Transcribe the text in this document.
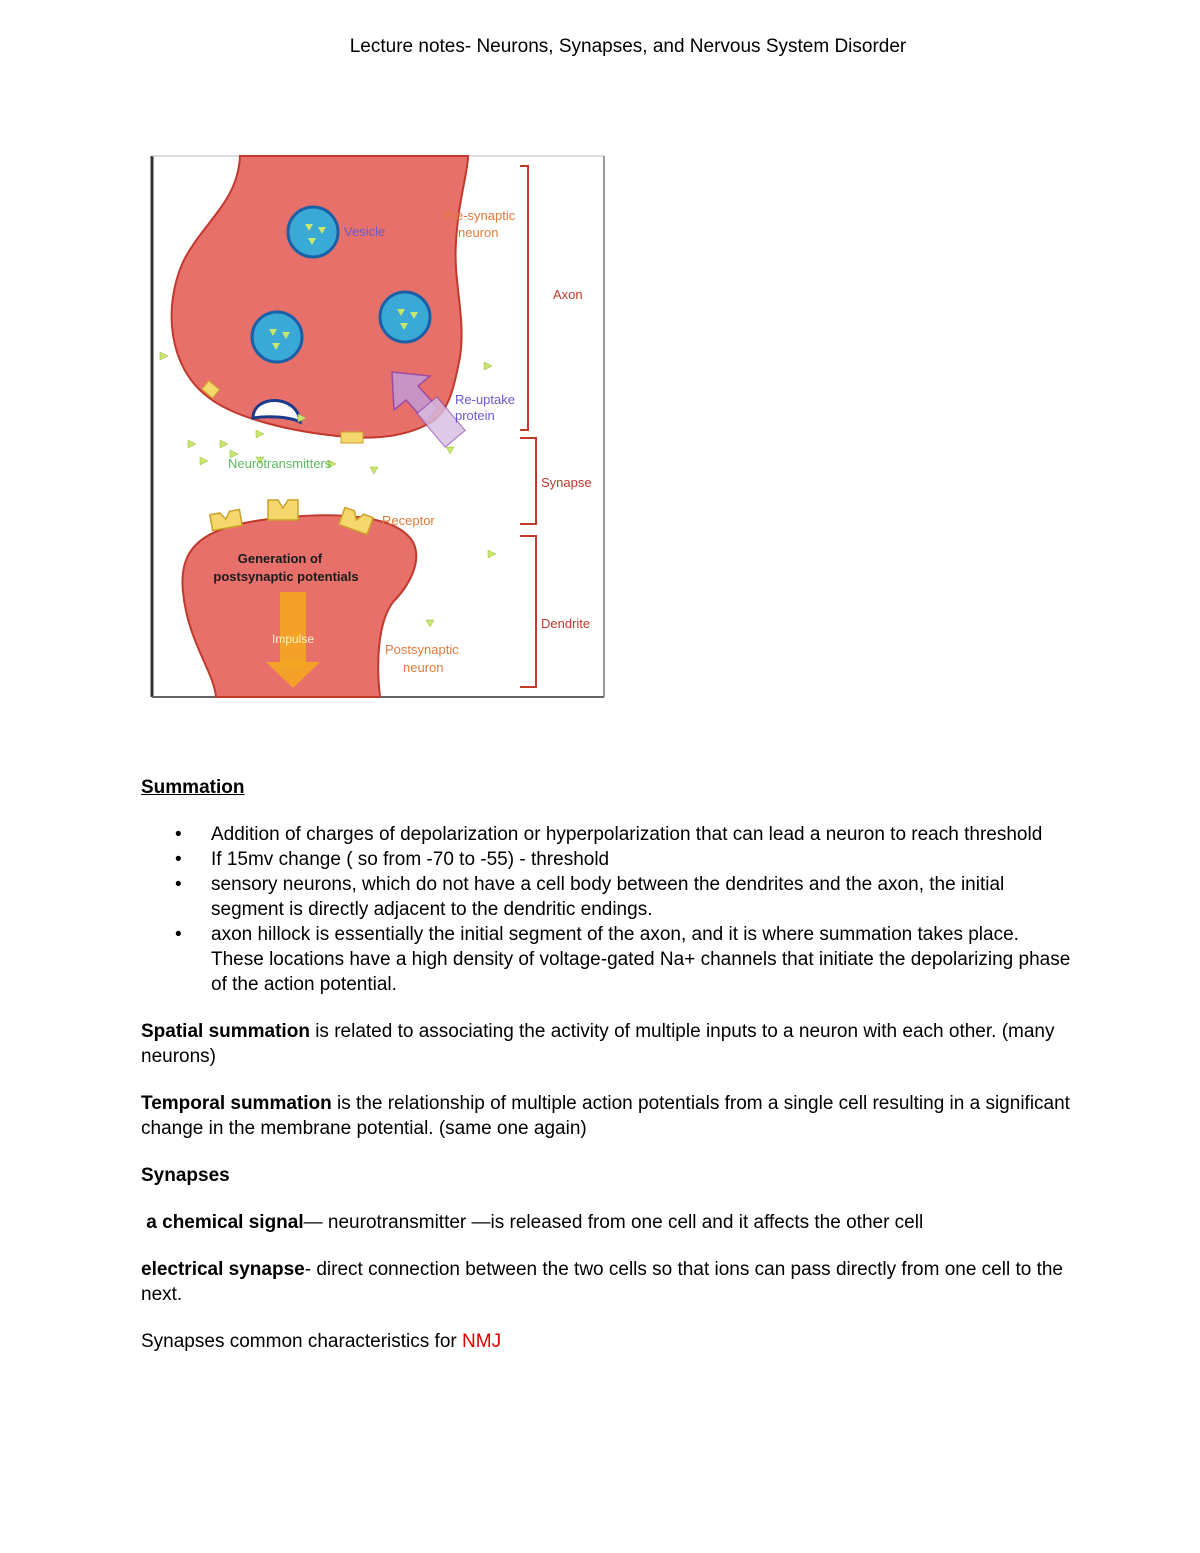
Lecture notes- Neurons, Synapses, and Nervous System Disorder
Vesicle
Re-uptake
protein
Pre-synaptic
neuron
Neurotransmitters
Receptor
Generation of
postsynaptic potentials
Impulse
Postsynaptic
neuron
Axon
Synapse
Dendrite
Summation
• Addition of charges of depolarization or hyperpolarization that can lead a neuron to reach threshold
• If 15mv change ( so from -70 to -55) - threshold
• sensory neurons, which do not have a cell body between the dendrites and the axon, the initial segment is directly adjacent to the dendritic endings.
• axon hillock is essentially the initial segment of the axon, and it is where summation takes place. These locations have a high density of voltage-gated Na+ channels that initiate the depolarizing phase of the action potential.

Spatial summation is related to associating the activity of multiple inputs to a neuron with each other. (many neurons)

Temporal summation is the relationship of multiple action potentials from a single cell resulting in a significant change in the membrane potential. (same one again)

Synapses

a chemical signal— neurotransmitter —is released from one cell and it affects the other cell

electrical synapse- direct connection between the two cells so that ions can pass directly from one cell to the next.

Synapses common characteristics for NMJ
